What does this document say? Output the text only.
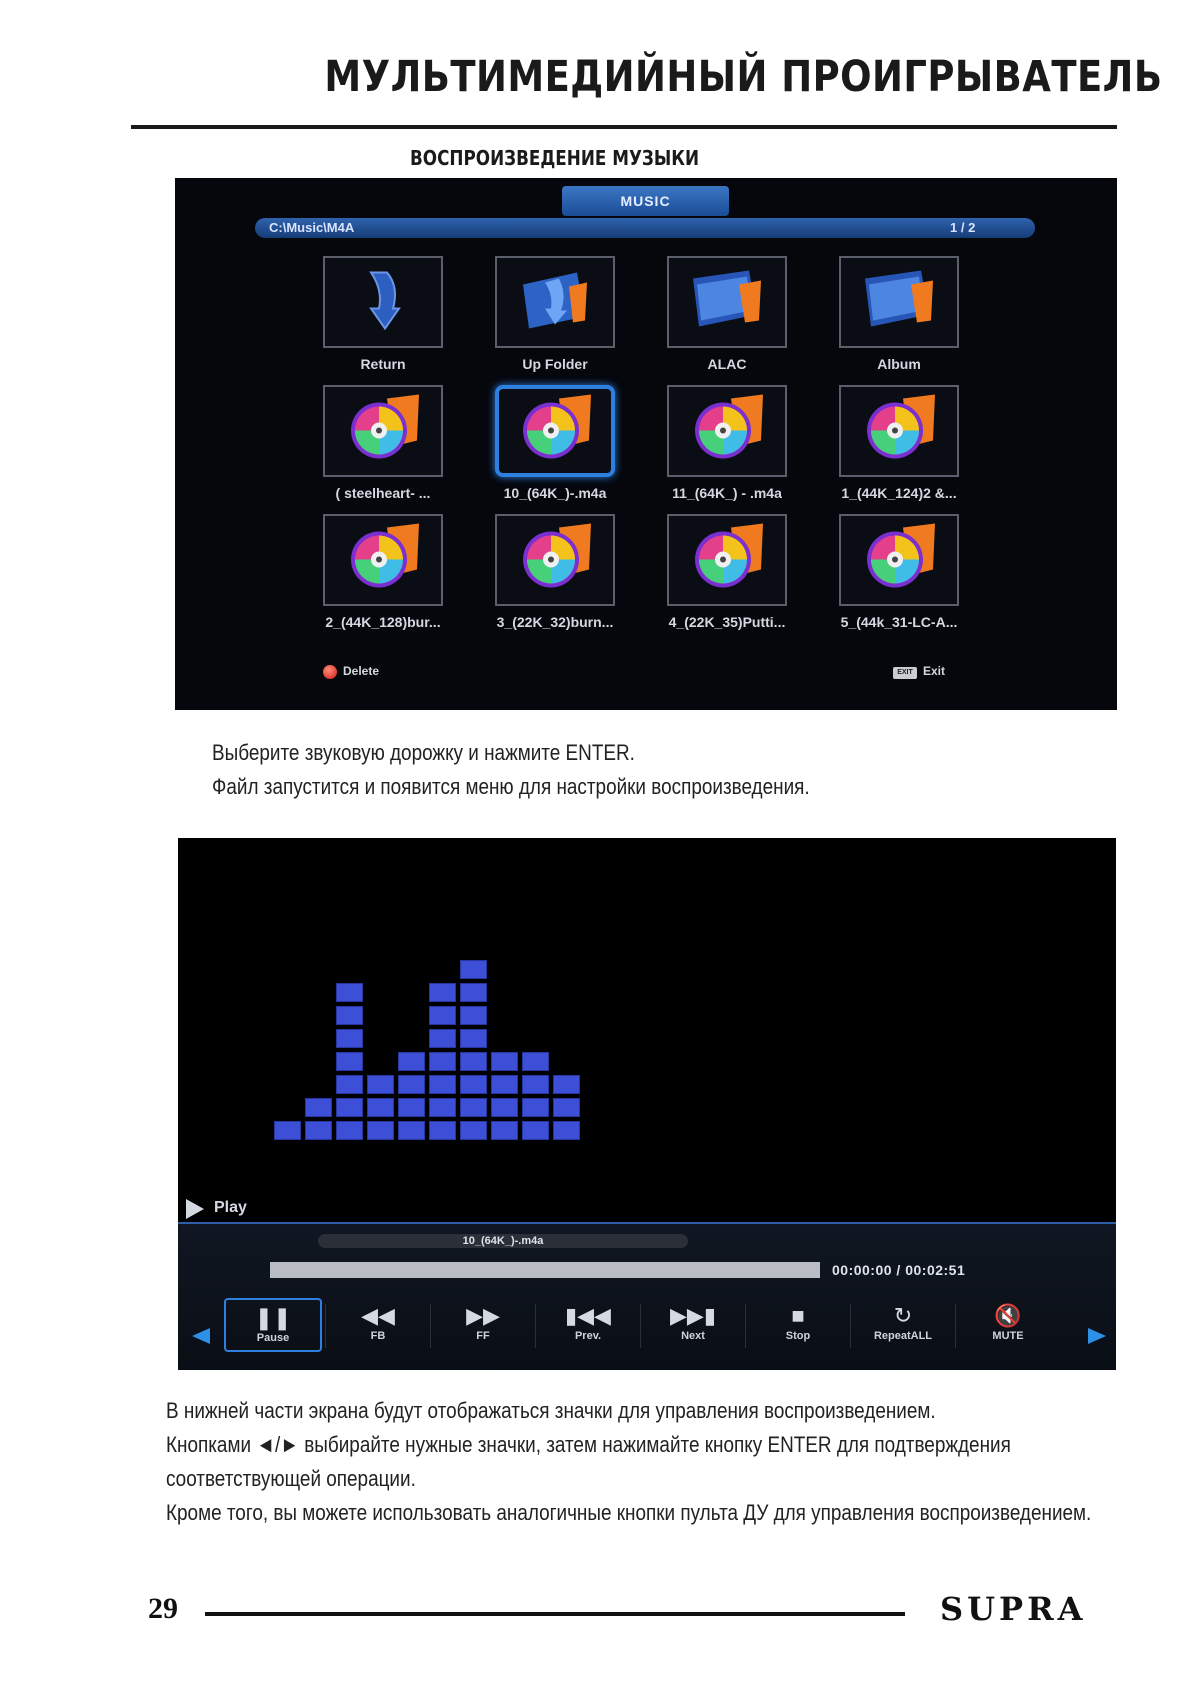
МУЛЬТИМЕДИЙНЫЙ ПРОИГРЫВАТЕЛЬ
ВОСПРОИЗВЕДЕНИЕ МУЗЫКИ
MUSIC
C:\Music\M4A	1 / 2
Return	Up Folder	ALAC	Album
( steelheart- ...	10_(64K_)-.m4a	11_(64K_) - .m4a	1_(44K_124)2 &...
2_(44K_128)bur...	3_(22K_32)burn...	4_(22K_35)Putti...	5_(44k_31-LC-A...
Delete	EXIT Exit
Выберите звуковую дорожку и нажмите ENTER.
Файл запустится и появится меню для настройки воспроизведения.
Play
10_(64K_)-.m4a
00:00:00 / 00:02:51
❚❚
Pause
◀◀
FB
▶▶
FF
▮◀◀
Prev.
▶▶▮
Next
■
Stop
↻
RepeatALL
🔇
MUTE
В нижней части экрана будут отображаться значки для управления воспроизведением.
Кнопками ◄/► выбирайте нужные значки, затем нажимайте кнопку ENTER для подтверждения
соответствующей операции.
Кроме того, вы можете использовать аналогичные кнопки пульта ДУ для управления воспроизведением.
29	SUPRA
